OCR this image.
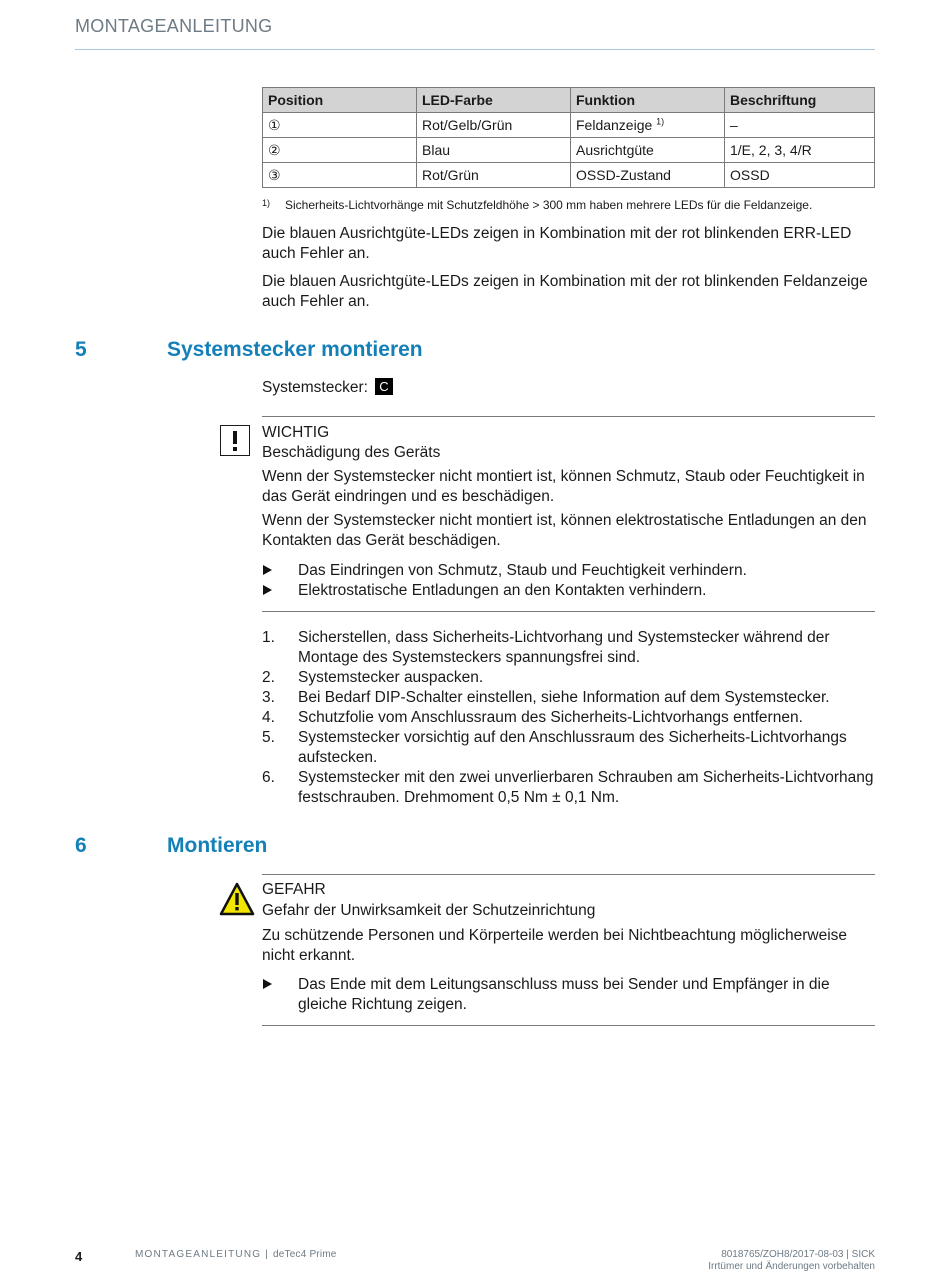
MONTAGEANLEITUNG
Position	LED-Farbe	Funktion	Beschriftung
①	Rot/Gelb/Grün	Feldanzeige $^{1)}$	–
②	Blau	Ausrichtgüte	1/E, 2, 3, 4/R
③	Rot/Grün	OSSD-Zustand	OSSD
1) Sicherheits-Lichtvorhänge mit Schutzfeldhöhe > 300 mm haben mehrere LEDs für die Feldanzeige.
Die blauen Ausrichtgüte-LEDs zeigen in Kombination mit der rot blinkenden ERR-LED auch Fehler an.
Die blauen Ausrichtgüte-LEDs zeigen in Kombination mit der rot blinkenden Feldanzeige auch Fehler an.
5	Systemstecker montieren
Systemstecker: C
WICHTIG
Beschädigung des Geräts
Wenn der Systemstecker nicht montiert ist, können Schmutz, Staub oder Feuchtigkeit in das Gerät eindringen und es beschädigen.
Wenn der Systemstecker nicht montiert ist, können elektrostatische Entladungen an den Kontakten das Gerät beschädigen.
Das Eindringen von Schmutz, Staub und Feuchtigkeit verhindern.
Elektrostatische Entladungen an den Kontakten verhindern.
1. Sicherstellen, dass Sicherheits-Lichtvorhang und Systemstecker während der Montage des Systemsteckers spannungsfrei sind.
2. Systemstecker auspacken.
3. Bei Bedarf DIP-Schalter einstellen, siehe Information auf dem Systemstecker.
4. Schutzfolie vom Anschlussraum des Sicherheits-Lichtvorhangs entfernen.
5. Systemstecker vorsichtig auf den Anschlussraum des Sicherheits-Lichtvorhangs aufstecken.
6. Systemstecker mit den zwei unverlierbaren Schrauben am Sicherheits-Lichtvorhang festschrauben. Drehmoment 0,5 Nm ± 0,1 Nm.
6	Montieren
GEFAHR
Gefahr der Unwirksamkeit der Schutzeinrichtung
Zu schützende Personen und Körperteile werden bei Nichtbeachtung möglicherweise nicht erkannt.
Das Ende mit dem Leitungsanschluss muss bei Sender und Empfänger in die gleiche Richtung zeigen.
4	MONTAGEANLEITUNG | deTec4 Prime	8018765/ZOH8/2017-08-03 | SICK
Irrtümer und Änderungen vorbehalten
